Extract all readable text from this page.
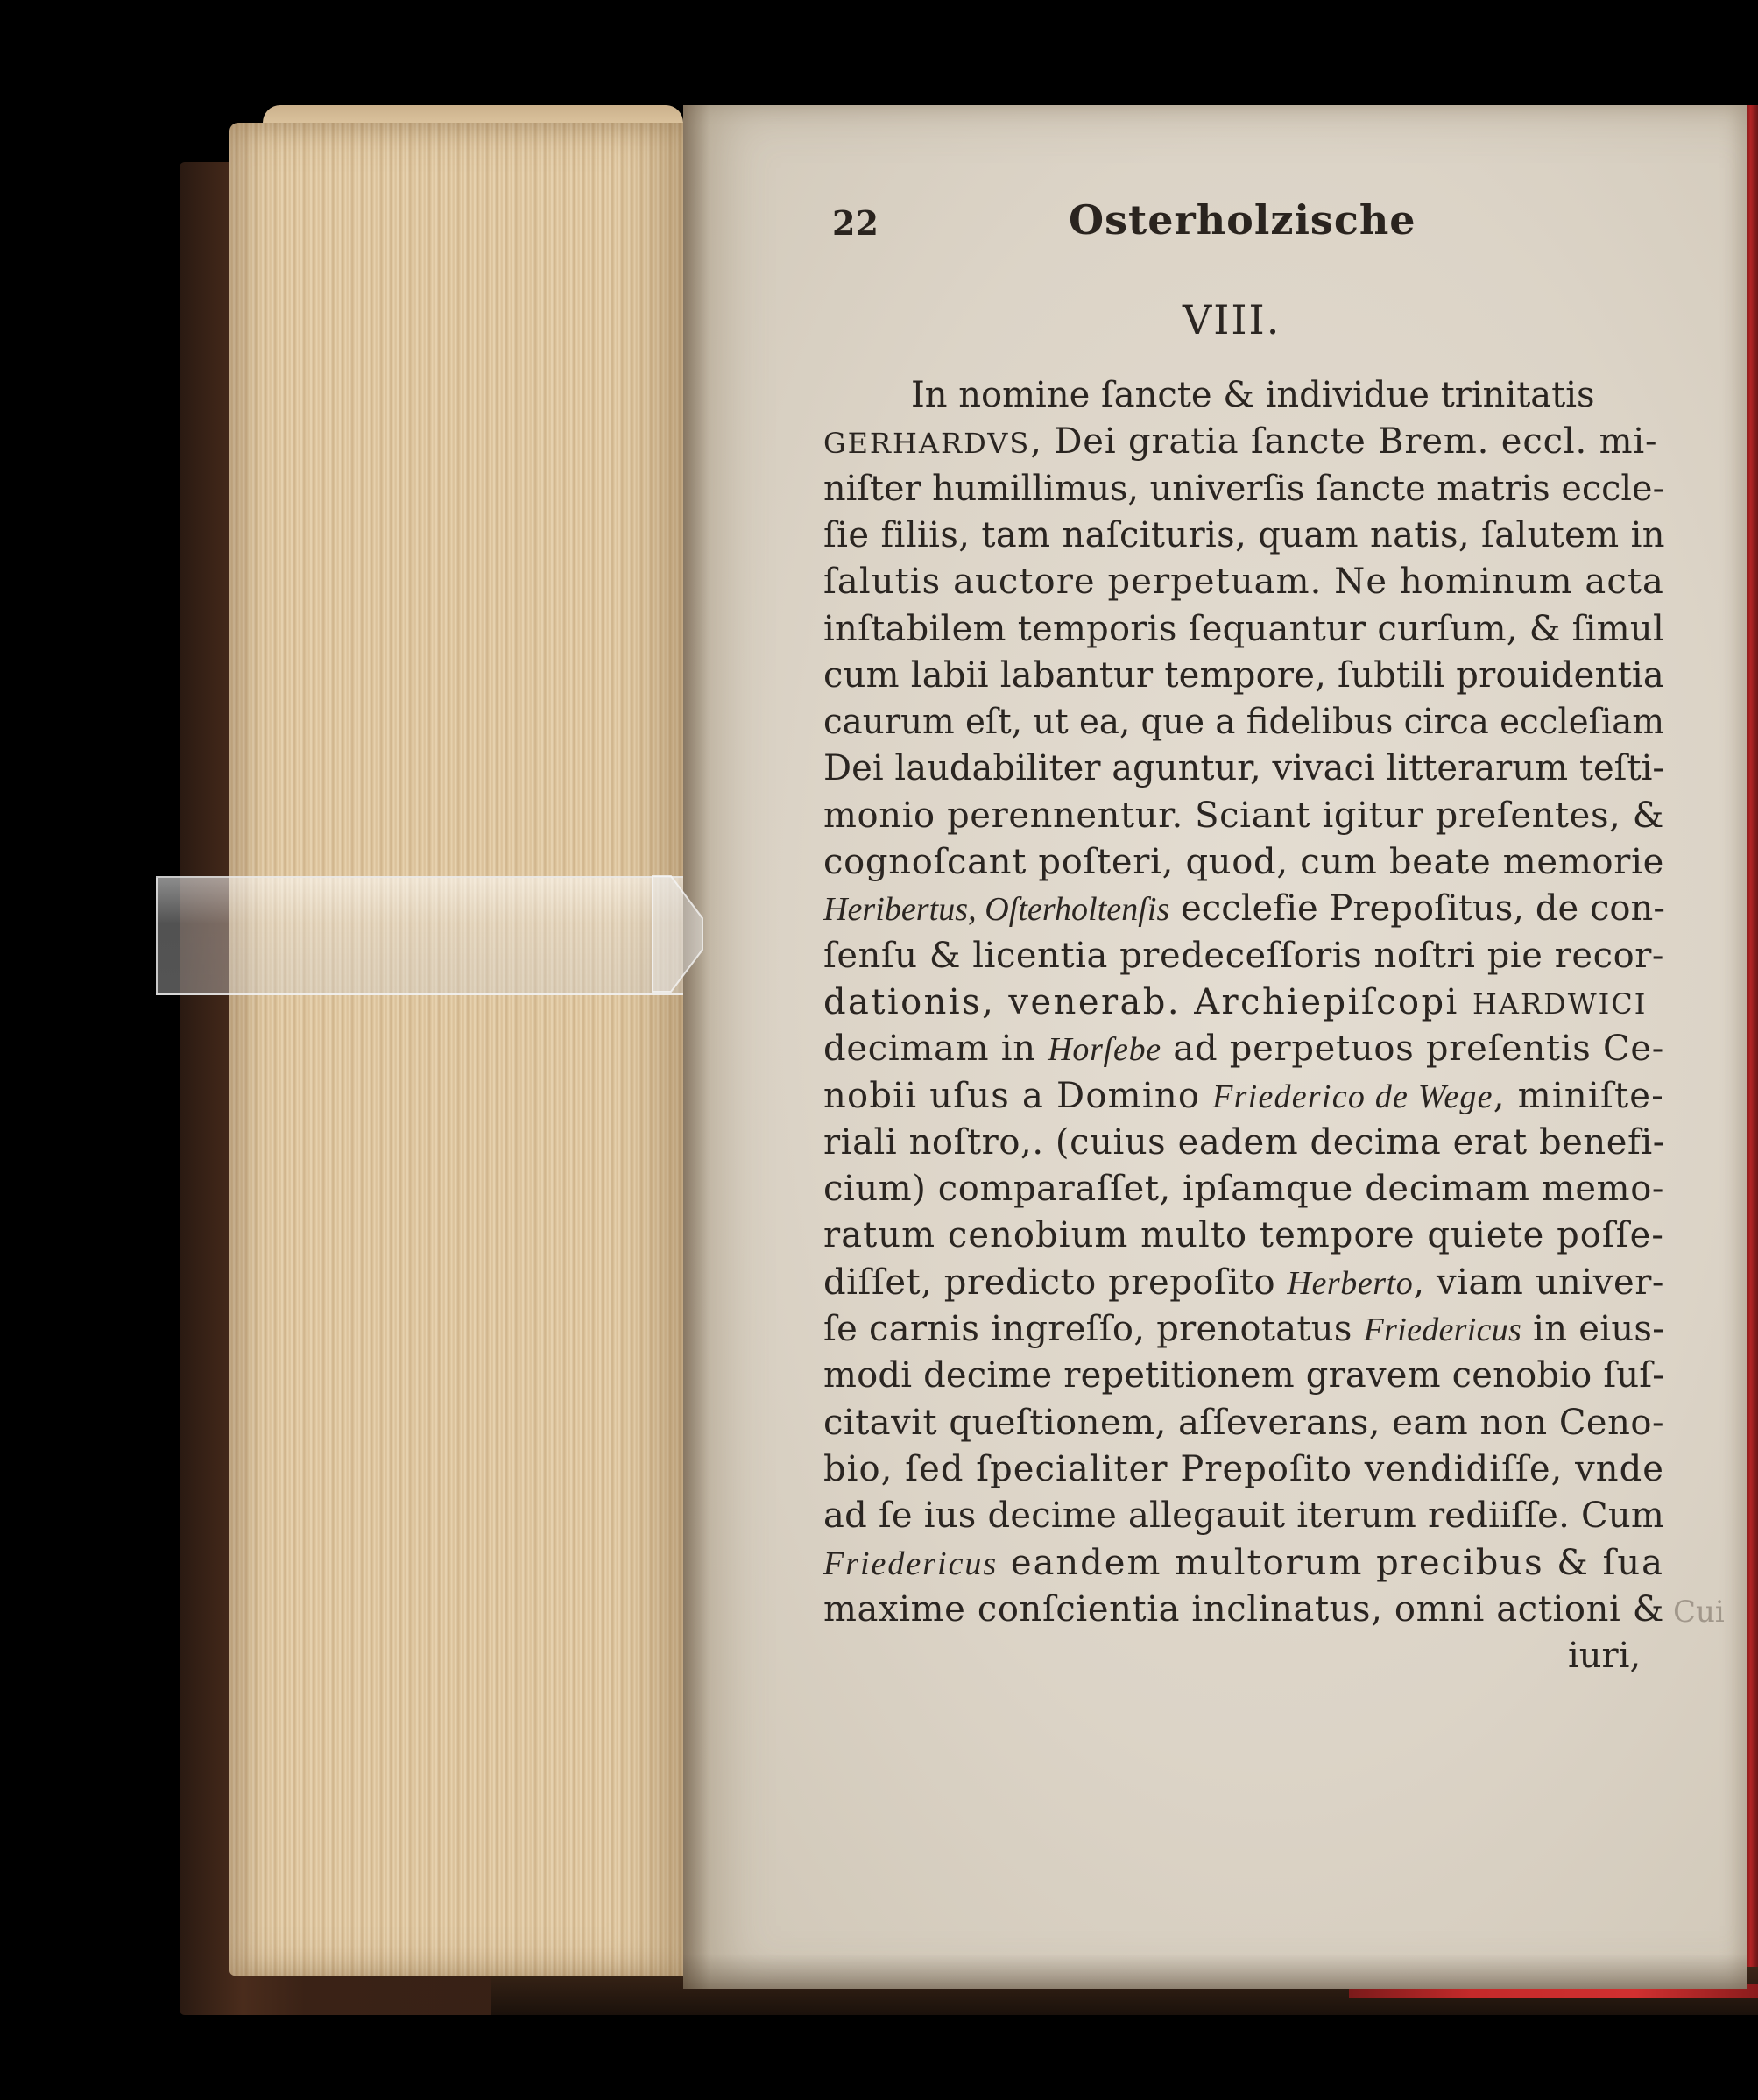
22	Osterholzische
VIII.
In nomine ſancte & individue trinitatis
GERHARDVS, Dei gratia ſancte Brem. eccl. mi-
niſter humillimus, univerſis ſancte matris eccle-
ſie filiis, tam naſcituris, quam natis, ſalutem in
ſalutis auctore perpetuam. Ne hominum acta
inſtabilem temporis ſequantur curſum, & ſimul
cum labii labantur tempore, ſubtili prouidentia
caurum eſt, ut ea, que a fidelibus circa eccleſiam
Dei laudabiliter aguntur, vivaci litterarum teſti-
monio perennentur. Sciant igitur preſentes, &
cognoſcant poſteri, quod, cum beate memorie
Heribertus, Oſterholtenſis ecclefie Prepoſitus, de con-
ſenſu & licentia predeceſſoris noſtri pie recor-
dationis, venerab. Archiepiſcopi HARDWICI
decimam in Horſebe ad perpetuos preſentis Ce-
nobii uſus a Domino Friederico de Wege, miniſte-
riali noſtro,. (cuius eadem decima erat benefi-
cium) comparaſſet, ipſamque decimam memo-
ratum cenobium multo tempore quiete poſſe-
diſſet, predicto prepoſito Herberto, viam univer-
ſe carnis ingreſſo, prenotatus Friedericus in eius-
modi decime repetitionem gravem cenobio ſuſ-
citavit queſtionem, aſſeverans, eam non Ceno-
bio, ſed ſpecialiter Prepoſito vendidiſſe, vnde
ad ſe ius decime allegauit iterum rediiſſe. Cum
Friedericus eandem multorum precibus & ſua
maxime conſcientia inclinatus, omni actioni &
iuri,
Cui
